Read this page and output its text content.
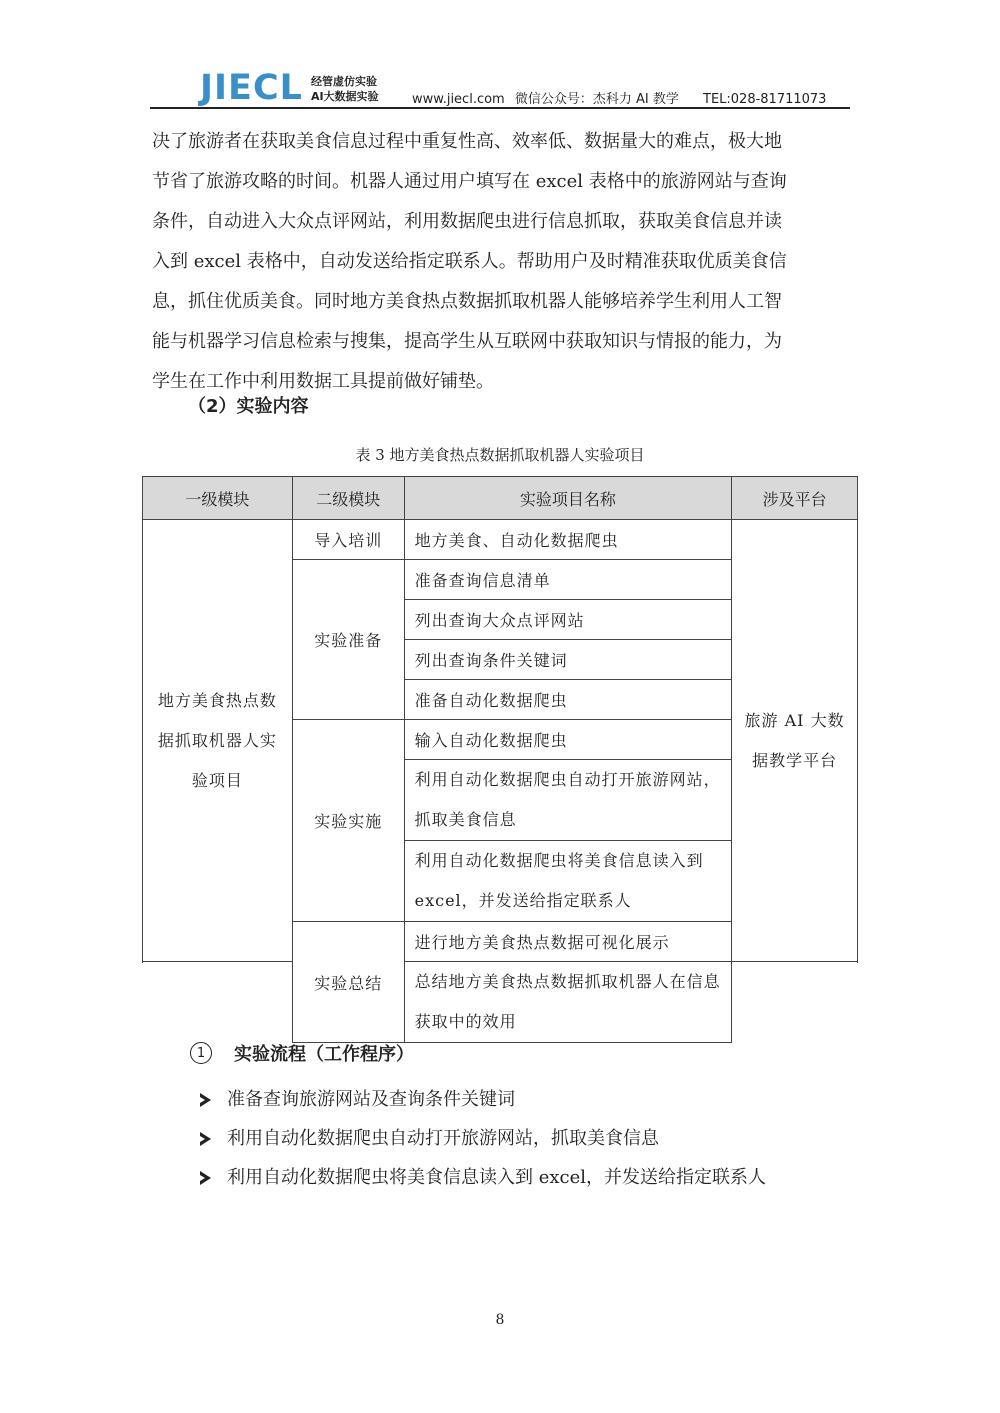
JIECL 经管虚仿实验
AI大数据实验	www.jiecl.com 微信公众号：杰科力 AI 教学 TEL:028-81711073
决了旅游者在获取美食信息过程中重复性高、效率低、数据量大的难点，极大地
节省了旅游攻略的时间。机器人通过用户填写在 excel 表格中的旅游网站与查询
条件，自动进入大众点评网站，利用数据爬虫进行信息抓取，获取美食信息并读
入到 excel 表格中，自动发送给指定联系人。帮助用户及时精准获取优质美食信
息，抓住优质美食。同时地方美食热点数据抓取机器人能够培养学生利用人工智
能与机器学习信息检索与搜集，提高学生从互联网中获取知识与情报的能力，为
学生在工作中利用数据工具提前做好铺垫。
（2）实验内容
表 3 地方美食热点数据抓取机器人实验项目
一级模块	二级模块	实验项目名称	涉及平台
地方美食热点数据抓取机器人实验项目	导入培训	地方美食、自动化数据爬虫	旅游 AI 大数据教学平台
	实验准备	准备查询信息清单	
		列出查询大众点评网站	
		列出查询条件关键词	
		准备自动化数据爬虫	
	实验实施	输入自动化数据爬虫	
		利用自动化数据爬虫自动打开旅游网站，抓取美食信息	

		利用自动化数据爬虫将美食信息读入到 excel，并发送给指定联系人	

	实验总结	进行地方美食热点数据可视化展示	
		总结地方美食热点数据抓取机器人在信息获取中的效用	

1	实验流程（工作程序）
准备查询旅游网站及查询条件关键词
利用自动化数据爬虫自动打开旅游网站，抓取美食信息
利用自动化数据爬虫将美食信息读入到 excel，并发送给指定联系人
8
